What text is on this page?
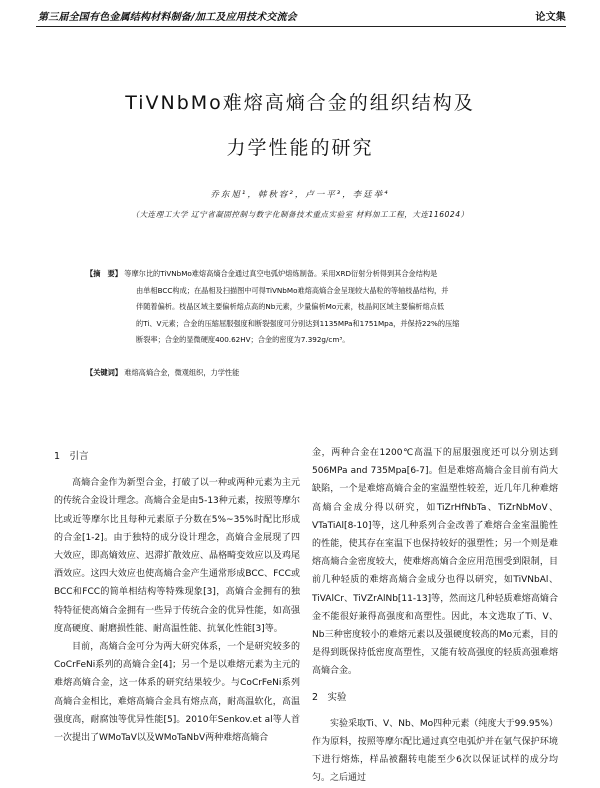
第三届全国有色金属结构材料制备/加工及应用技术交流会	论文集
TiVNbMo难熔高熵合金的组织结构及
力学性能的研究
乔东旭¹，韩秋容²，卢一平³，李廷举⁴
（大连理工大学 辽宁省凝固控制与数字化制备技术重点实验室 材料加工工程，大连116024）
【摘　要】 等摩尔比的TiVNbMo难熔高熵合金通过真空电弧炉熔炼制备。采用XRD衍射分析得到其合金结构是
由单相BCC构成；在晶相及扫描图中可得TiVNbMo难熔高熵合金呈现较大晶粒的等轴枝晶结构，并
伴随着偏析。枝晶区域主要偏析熔点高的Nb元素，少量偏析Mo元素，枝晶间区域主要偏析熔点低
的Ti、V元素；合金的压缩屈服强度和断裂强度可分别达到1135MPa和1751Mpa，并保持22%的压缩
断裂率；合金的显微硬度400.62HV；合金的密度为7.392g/cm³。
【关键词】 难熔高熵合金，微观组织，力学性能
1　引言

高熵合金作为新型合金，打破了以一种或两种元素为主元的传统合金设计理念。高熵合金是由5-13种元素，按照等摩尔比或近等摩尔比且每种元素原子分数在5%~35%时配比形成的合金[1-2]。由于独特的成分设计理念，高熵合金展现了四大效应，即高熵效应、迟滞扩散效应、晶格畸变效应以及鸡尾酒效应。这四大效应也使高熵合金产生通常形成BCC、FCC或BCC和FCC的简单相结构等特殊现象[3]，高熵合金拥有的独特特征使高熵合金拥有一些异于传统合金的优异性能，如高强度高硬度、耐磨损性能、耐高温性能、抗氧化性能[3]等。

目前，高熵合金可分为两大研究体系，一个是研究较多的CoCrFeNi系列的高熵合金[4]；另一个是以难熔元素为主元的难熔高熵合金，这一体系的研究结果较少。与CoCrFeNi系列高熵合金相比，难熔高熵合金具有熔点高，耐高温软化，高温强度高，耐腐蚀等优异性能[5]。2010年Senkov.et al等人首一次提出了WMoTaV以及WMoTaNbV两种难熔高熵合

金，两种合金在1200℃高温下的屈服强度还可以分别达到506MPa and 735Mpa[6-7]。但是难熔高熵合金目前有尚大缺陷，一个是难熔高熵合金的室温塑性较差，近几年几种难熔高熵合金成分得以研究，如TiZrHfNbTa、TiZrNbMoV、VTaTiAl[8-10]等，这几种系列合金改善了难熔合金室温脆性的性能，使其存在室温下也保持较好的强塑性；另一个则是难熔高熵合金密度较大，使难熔高熵合金应用范围受到限制，目前几种轻质的难熔高熵合金成分也得以研究，如TiVNbAl、TiVAlCr、TiVZrAlNb[11-13]等，然而这几种轻质难熔高熵合金不能很好兼得高强度和高塑性。因此，本文选取了Ti、V、Nb三种密度较小的难熔元素以及强硬度较高的Mo元素，目的是得到既保持低密度高塑性，又能有较高强度的轻质高强难熔高熵合金。

2　实验

实验采取Ti、V、Nb、Mo四种元素（纯度大于99.95%）作为原料，按照等摩尔配比通过真空电弧炉并在氩气保护环境下进行熔炼，样品被翻转电能至少6次以保证试样的成分均匀。之后通过
